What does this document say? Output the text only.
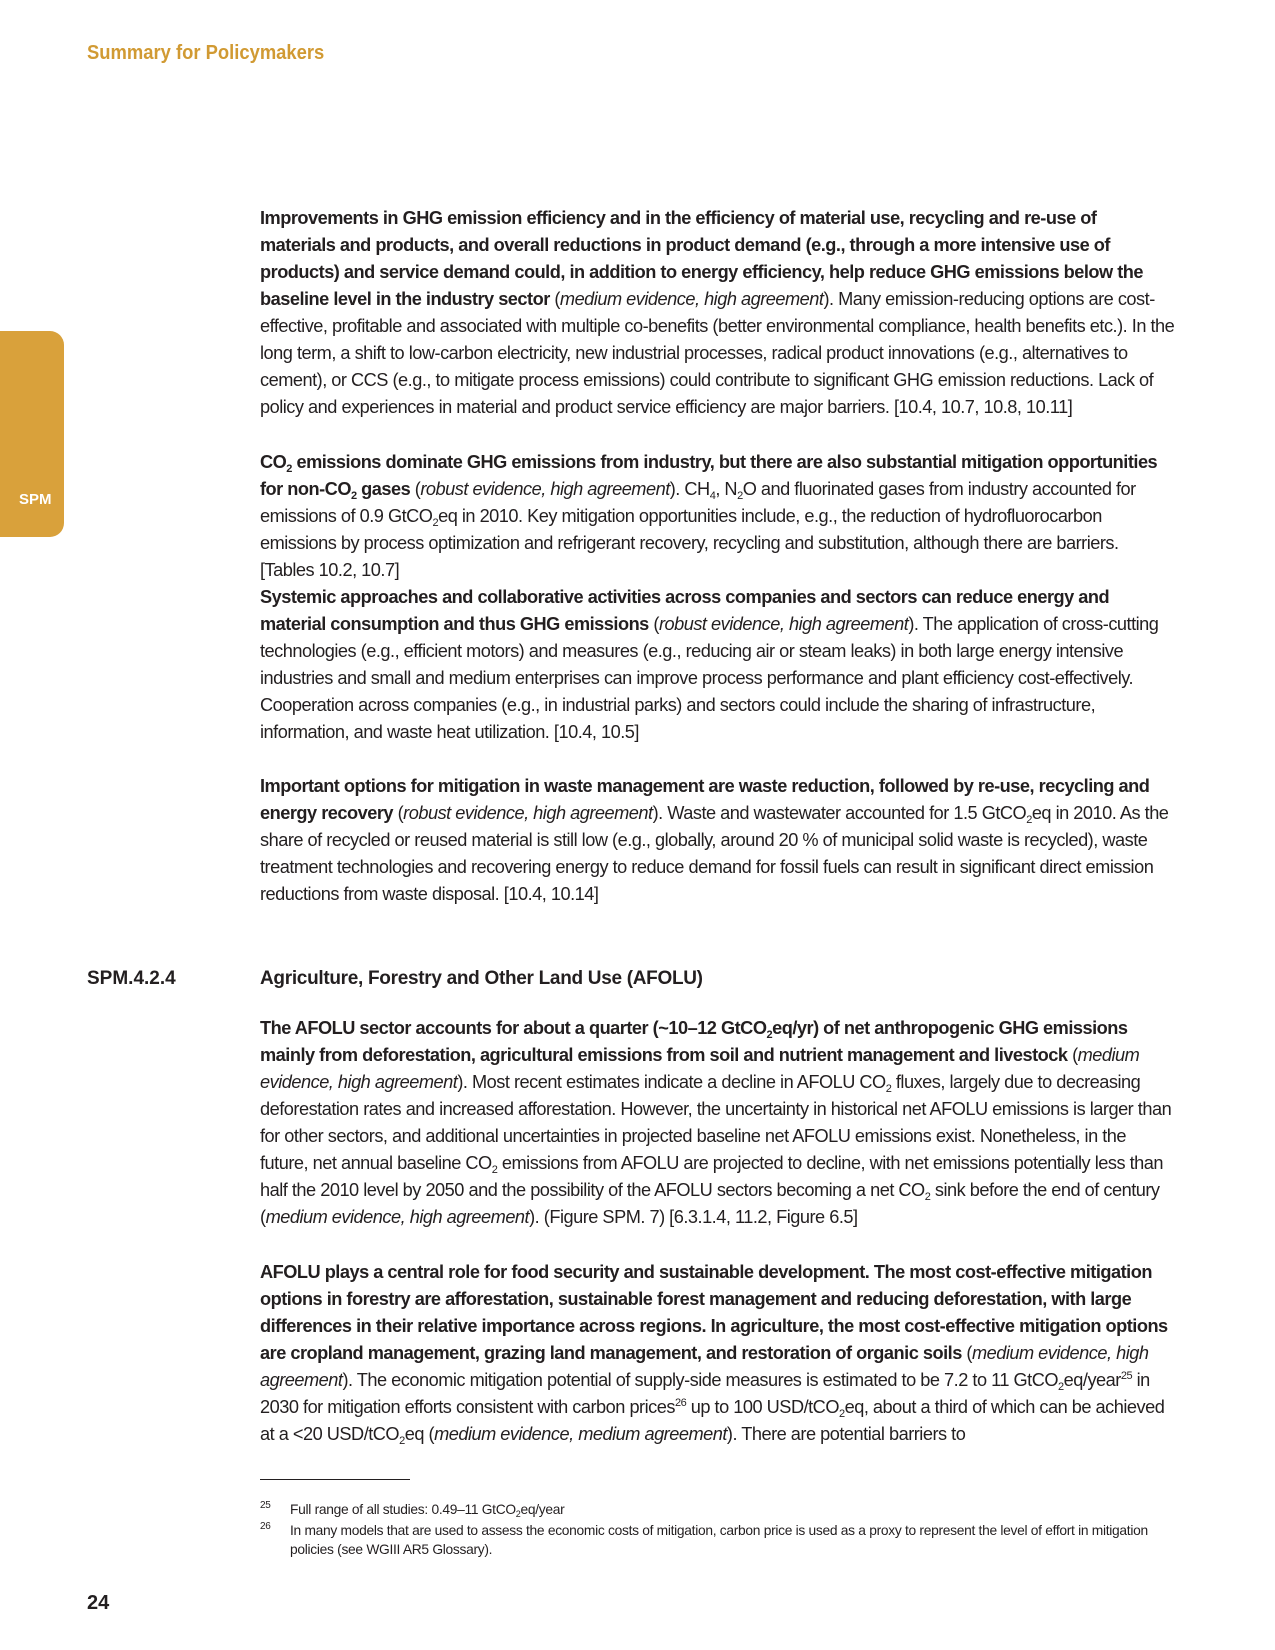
Summary for Policymakers
SPM

Improvements in GHG emission efficiency and in the efficiency of material use, recycling and re-use of materials and products, and overall reductions in product demand (e.g., through a more intensive use of products) and service demand could, in addition to energy efficiency, help reduce GHG emissions below the baseline level in the industry sector (medium evidence, high agreement). Many emission-reducing options are cost-effective, profitable and associated with multiple co-benefits (better environmental compliance, health benefits etc.). In the long term, a shift to low-carbon electricity, new industrial processes, radical product innovations (e.g., alternatives to cement), or CCS (e.g., to mitigate process emissions) could contribute to significant GHG emission reductions. Lack of policy and experiences in material and product service efficiency are major barriers. [10.4, 10.7, 10.8, 10.11]

$CO_2$ emissions dominate GHG emissions from industry, but there are also substantial mitigation opportunities for non-$CO_2$ gases (robust evidence, high agreement). $CH_4$, $N_2O$ and fluorinated gases from industry accounted for emissions of 0.9 GtCO$_2$eq in 2010. Key mitigation opportunities include, e.g., the reduction of hydrofluorocarbon emissions by process optimization and refrigerant recovery, recycling and substitution, although there are barriers. [Tables 10.2, 10.7]

Systemic approaches and collaborative activities across companies and sectors can reduce energy and material consumption and thus GHG emissions (robust evidence, high agreement). The application of cross-cutting technologies (e.g., efficient motors) and measures (e.g., reducing air or steam leaks) in both large energy intensive industries and small and medium enterprises can improve process performance and plant efficiency cost-effectively. Cooperation across companies (e.g., in industrial parks) and sectors could include the sharing of infrastructure, information, and waste heat utilization. [10.4, 10.5]

Important options for mitigation in waste management are waste reduction, followed by re-use, recycling and energy recovery (robust evidence, high agreement). Waste and wastewater accounted for 1.5 GtCO$_2$eq in 2010. As the share of recycled or reused material is still low (e.g., globally, around 20 % of municipal solid waste is recycled), waste treatment technologies and recovering energy to reduce demand for fossil fuels can result in significant direct emission reductions from waste disposal. [10.4, 10.14]

SPM.4.2.4	Agriculture, Forestry and Other Land Use (AFOLU)

The AFOLU sector accounts for about a quarter (~10–12 GtCO$_2$eq/yr) of net anthropogenic GHG emissions mainly from deforestation, agricultural emissions from soil and nutrient management and livestock (medium evidence, high agreement). Most recent estimates indicate a decline in AFOLU $CO_2$ fluxes, largely due to decreasing deforestation rates and increased afforestation. However, the uncertainty in historical net AFOLU emissions is larger than for other sectors, and additional uncertainties in projected baseline net AFOLU emissions exist. Nonetheless, in the future, net annual baseline $CO_2$ emissions from AFOLU are projected to decline, with net emissions potentially less than half the 2010 level by 2050 and the possibility of the AFOLU sectors becoming a net $CO_2$ sink before the end of century (medium evidence, high agreement). (Figure SPM. 7) [6.3.1.4, 11.2, Figure 6.5]

AFOLU plays a central role for food security and sustainable development. The most cost-effective mitigation options in forestry are afforestation, sustainable forest management and reducing deforestation, with large differences in their relative importance across regions. In agriculture, the most cost-effective mitigation options are cropland management, grazing land management, and restoration of organic soils (medium evidence, high agreement). The economic mitigation potential of supply-side measures is estimated to be 7.2 to 11 GtCO$_2$eq/year$^{25}$ in 2030 for mitigation efforts consistent with carbon prices$^{26}$ up to 100 USD/tCO$_2$eq, about a third of which can be achieved at a <20 USD/tCO$_2$eq (medium evidence, medium agreement). There are potential barriers to

25 Full range of all studies: 0.49–11 GtCO$_2$eq/year

26 In many models that are used to assess the economic costs of mitigation, carbon price is used as a proxy to represent the level of effort in mitigation policies (see WGIII AR5 Glossary).

24
